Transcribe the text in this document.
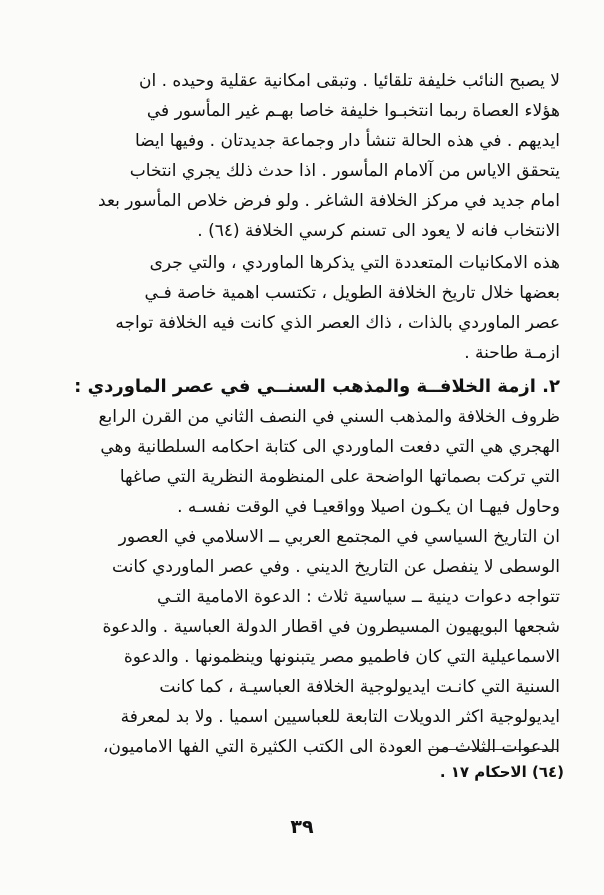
لا يصبح النائب خليفة تلقائيا . وتبقى امكانية عقلية وحيده . ان
هؤلاء العصاة ربما انتخبـوا خليفة خاصا بهـم غير المأسور في
ايديهم . في هذه الحالة تنشأ دار وجماعة جديدتان . وفيها ايضا
يتحقق الاياس من آلامام المأسور . اذا حدث ذلك يجري انتخاب
امام جديد في مركز الخلافة الشاغر . ولو فرض خلاص المأسور بعد
الانتخاب فانه لا يعود الى تسنم كرسي الخلافة (٦٤) .
هذه الامكانيات المتعددة التي يذكرها الماوردي ، والتي جرى
بعضها خلال تاريخ الخلافة الطويل ، تكتسب اهمية خاصة فـي
عصر الماوردي بالذات ، ذاك العصر الذي كانت فيه الخلافة تواجه
ازمـة طاحنة .
٢. ازمة الخلافــة والمذهب السنــي في عصر الماوردي :
ظروف الخلافة والمذهب السني في النصف الثاني من القرن الرابع
الهجري هي التي دفعت الماوردي الى كتابة احكامه السلطانية وهي
التي تركت بصماتها الواضحة على المنظومة النظرية التي صاغها
وحاول فيهـا ان يكـون اصيلا وواقعيـا في الوقت نفسـه .
ان التاريخ السياسي في المجتمع العربي ــ الاسلامي في العصور
الوسطى لا ينفصل عن التاريخ الديني . وفي عصر الماوردي كانت
تتواجه دعوات دينية ــ سياسية ثلاث : الدعوة الامامية التـي
شجعها البويهيون المسيطرون في اقطار الدولة العباسية . والدعوة
الاسماعيلية التي كان فاطميو مصر يتبنونها وينظمونها . والدعوة
السنية التي كانـت ايديولوجية الخلافة العباسيـة ، كما كانت
ايديولوجية اكثر الدويلات التابعة للعباسيين اسميا . ولا بد لمعرفة
الدعوات الثلاث من العودة الى الكتب الكثيرة التي الفها الاماميون،
(٦٤) الاحكام ١٧ .
٣٩
